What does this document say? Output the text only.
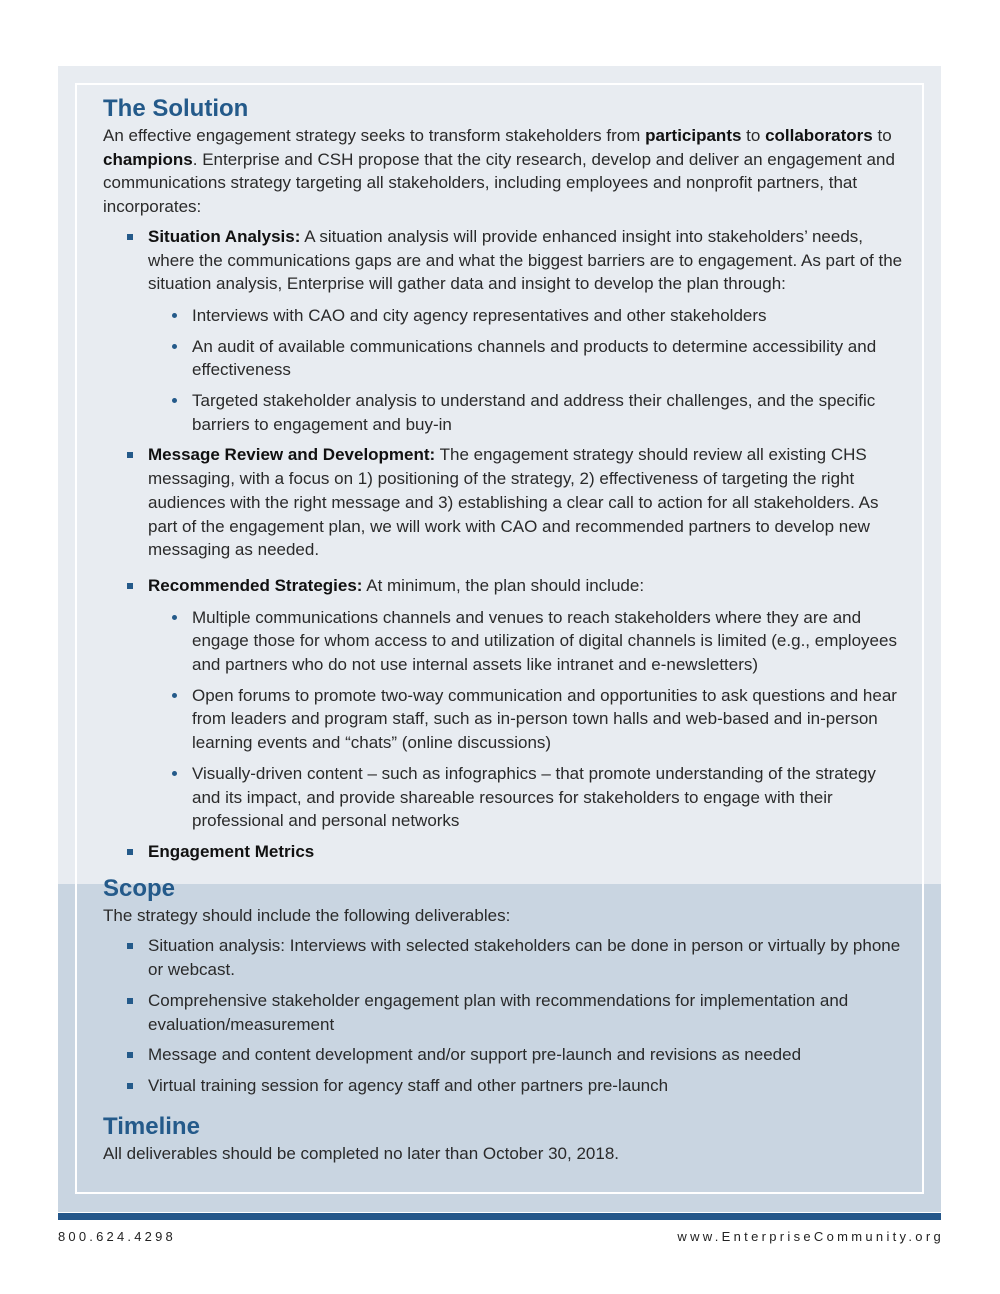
The Solution

An effective engagement strategy seeks to transform stakeholders from participants to collaborators to champions. Enterprise and CSH propose that the city research, develop and deliver an engagement and communications strategy targeting all stakeholders, including employees and nonprofit partners, that incorporates:

Situation Analysis: A situation analysis will provide enhanced insight into stakeholders’ needs, where the communications gaps are and what the biggest barriers are to engagement. As part of the situation analysis, Enterprise will gather data and insight to develop the plan through:
Interviews with CAO and city agency representatives and other stakeholders
An audit of available communications channels and products to determine accessibility and effectiveness
Targeted stakeholder analysis to understand and address their challenges, and the specific barriers to engagement and buy-in
Message Review and Development: The engagement strategy should review all existing CHS messaging, with a focus on 1) positioning of the strategy, 2) effectiveness of targeting the right audiences with the right message and 3) establishing a clear call to action for all stakeholders. As part of the engagement plan, we will work with CAO and recommended partners to develop new messaging as needed.
Recommended Strategies: At minimum, the plan should include:
Multiple communications channels and venues to reach stakeholders where they are and engage those for whom access to and utilization of digital channels is limited (e.g., employees and partners who do not use internal assets like intranet and e-newsletters)
Open forums to promote two-way communication and opportunities to ask questions and hear from leaders and program staff, such as in-person town halls and web-based and in-person learning events and “chats” (online discussions)
Visually-driven content – such as infographics – that promote understanding of the strategy and its impact, and provide shareable resources for stakeholders to engage with their professional and personal networks
Engagement Metrics
Scope

The strategy should include the following deliverables:

Situation analysis: Interviews with selected stakeholders can be done in person or virtually by phone or webcast.
Comprehensive stakeholder engagement plan with recommendations for implementation and evaluation/measurement
Message and content development and/or support pre-launch and revisions as needed
Virtual training session for agency staff and other partners pre-launch
Timeline

All deliverables should be completed no later than October 30, 2018.

800.624.4298	www.EnterpriseCommunity.org
